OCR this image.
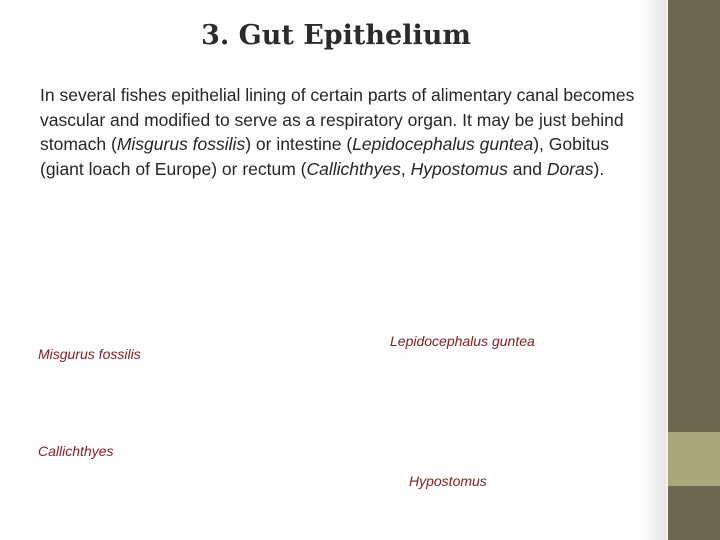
3. Gut Epithelium

In several fishes epithelial lining of certain parts of alimentary canal becomes vascular and modified to serve as a respiratory organ. It may be just behind stomach (Misgurus fossilis) or intestine (Lepidocephalus guntea), Gobitus (giant loach of Europe) or rectum (Callichthyes, Hypostomus and Doras).

Misgurus fossilis
Lepidocephalus guntea
Callichthyes
Hypostomus
